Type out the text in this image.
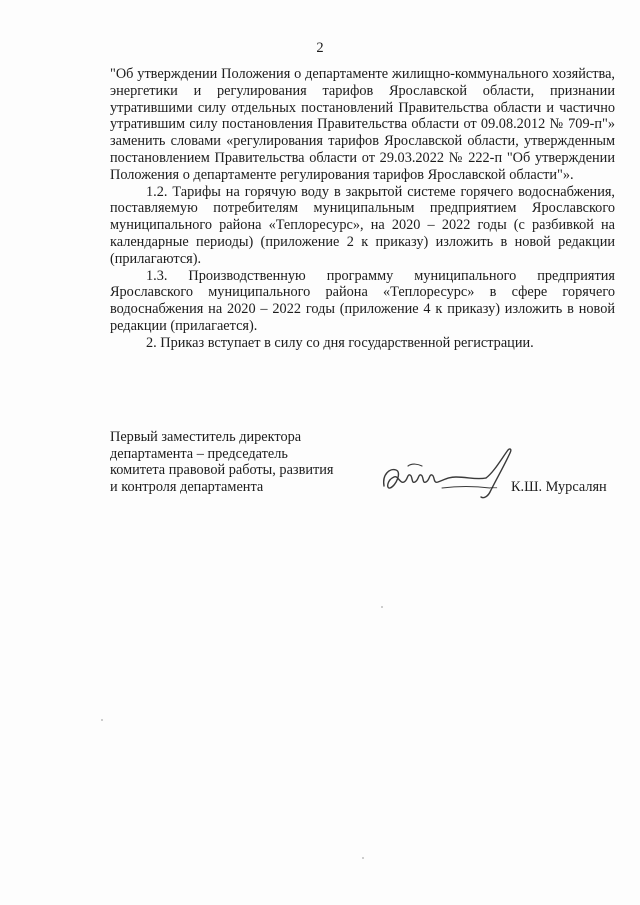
2

"Об утверждении Положения о департаменте жилищно-коммунального хозяйства, энергетики и регулирования тарифов Ярославской области, признании утратившими силу отдельных постановлений Правительства области и частично утратившим силу постановления Правительства области от 09.08.2012 № 709-п"» заменить словами «регулирования тарифов Ярославской области, утвержденным постановлением Правительства области от 29.03.2022 № 222-п "Об утверждении Положения о департаменте регулирования тарифов Ярославской области"».

1.2. Тарифы на горячую воду в закрытой системе горячего водоснабжения, поставляемую потребителям муниципальным предприятием Ярославского муниципального района «Теплоресурс», на 2020 – 2022 годы (с разбивкой на календарные периоды) (приложение 2 к приказу) изложить в новой редакции (прилагаются).

1.3. Производственную программу муниципального предприятия Ярославского муниципального района «Теплоресурс» в сфере горячего водоснабжения на 2020 – 2022 годы (приложение 4 к приказу) изложить в новой редакции (прилагается).

2. Приказ вступает в силу со дня государственной регистрации.

Первый заместитель директора
департамента – председатель
комитета правовой работы, развития
и контроля департамента	– К.Ш. Мурсалян
